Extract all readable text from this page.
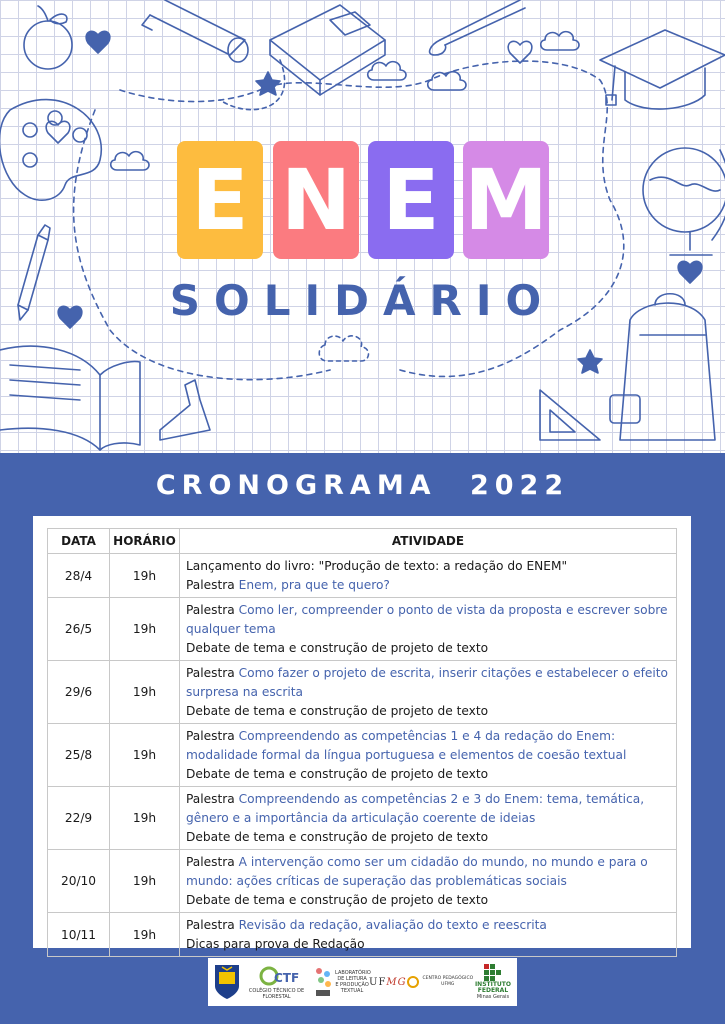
E N E M
SOLIDÁRIO
CRONOGRAMA 2022
DATA	HORÁRIO	ATIVIDADE
28/4	19h	Lançamento do livro: "Produção de texto: a redação do ENEM"
Palestra Enem, pra que te quero?

26/5	19h	Palestra Como ler, compreender o ponto de vista da proposta e escrever sobre qualquer tema
Debate de tema e construção de projeto de texto

29/6	19h	Palestra Como fazer o projeto de escrita, inserir citações e estabelecer o efeito surpresa na escrita
Debate de tema e construção de projeto de texto

25/8	19h	Palestra Compreendendo as competências 1 e 4 da redação do Enem: modalidade formal da língua portuguesa e elementos de coesão textual
Debate de tema e construção de projeto de texto

22/9	19h	Palestra Compreendendo as competências 2 e 3 do Enem: tema, temática, gênero e a importância da articulação coerente de ideias
Debate de tema e construção de projeto de texto

20/10	19h	Palestra A intervenção como ser um cidadão do mundo, no mundo e para o mundo: ações críticas de superação das problemáticas sociais
Debate de tema e construção de projeto de texto

10/11	19h	Palestra Revisão da redação, avaliação do texto e reescrita
Dicas para prova de Redação
CTF
COLÉGIO TÉCNICO DE FLORESTAL
LABORATÓRIO DE LEITURA E PRODUÇÃO TEXTUAL
UFMG	CENTRO PEDAGÓGICO UFMG	INSTITUTO
FEDERAL
Minas Gerais
